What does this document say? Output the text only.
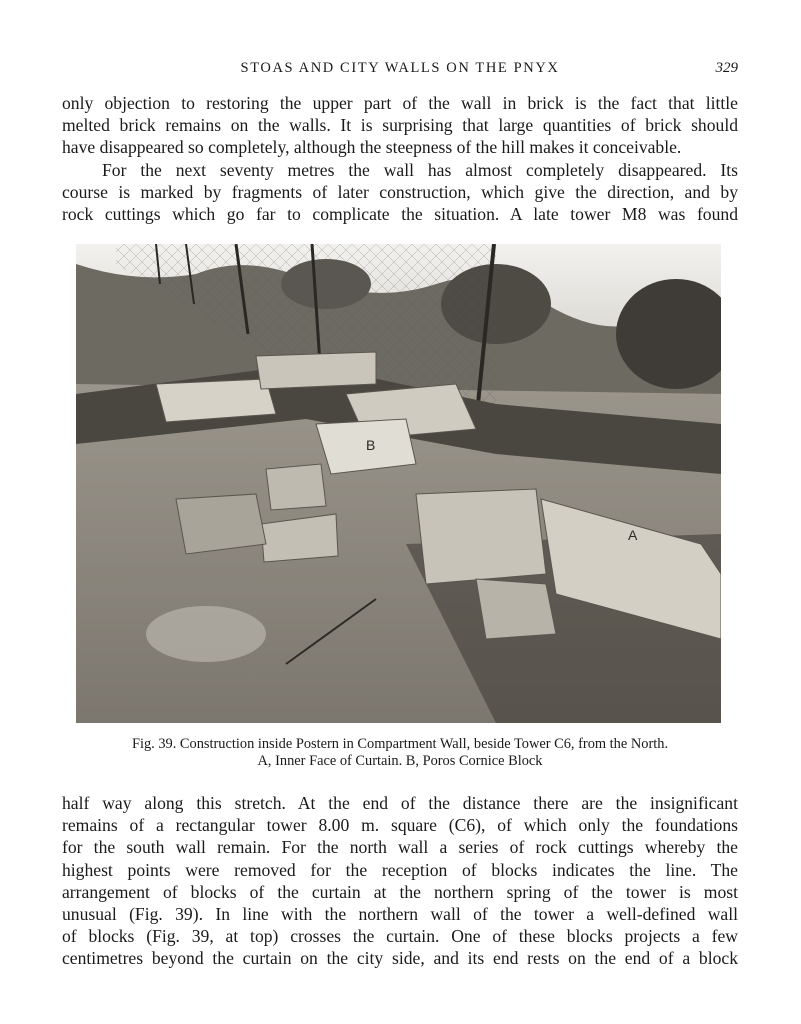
STOAS AND CITY WALLS ON THE PNYX	329
only objection to restoring the upper part of the wall in brick is the fact that little
melted brick remains on the walls. It is surprising that large quantities of brick should
have disappeared so completely, although the steepness of the hill makes it conceivable.
For the next seventy metres the wall has almost completely disappeared. Its
course is marked by fragments of later construction, which give the direction, and by
rock cuttings which go far to complicate the situation. A late tower M8 was found
B
A
Fig. 39. Construction inside Postern in Compartment Wall, beside Tower C6, from the North.
A, Inner Face of Curtain. B, Poros Cornice Block
half way along this stretch. At the end of the distance there are the insignificant
remains of a rectangular tower 8.00 m. square (C6), of which only the foundations
for the south wall remain. For the north wall a series of rock cuttings whereby the
highest points were removed for the reception of blocks indicates the line. The
arrangement of blocks of the curtain at the northern spring of the tower is most
unusual (Fig. 39). In line with the northern wall of the tower a well-defined wall
of blocks (Fig. 39, at top) crosses the curtain. One of these blocks projects a few
centimetres beyond the curtain on the city side, and its end rests on the end of a block
